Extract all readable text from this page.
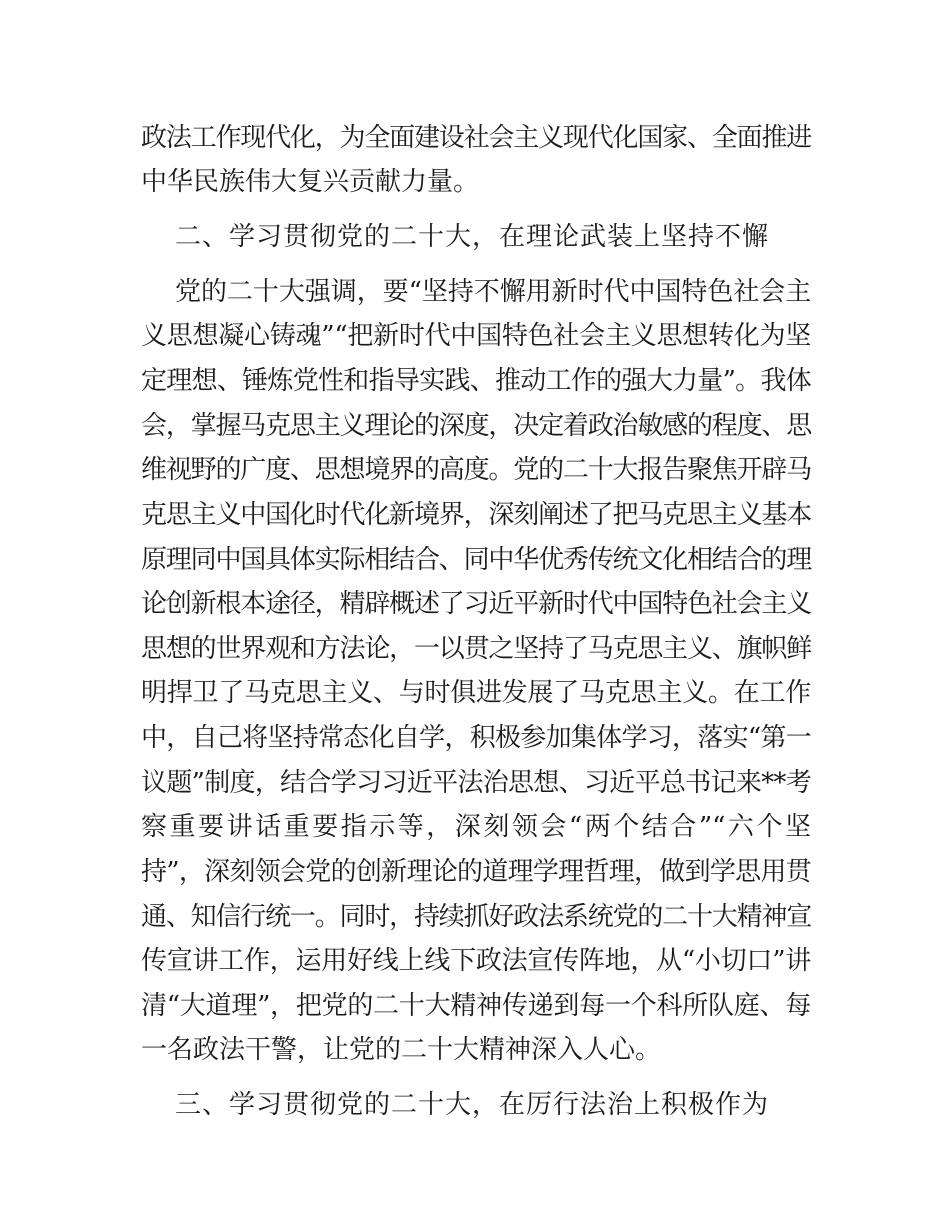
政法工作现代化，为全面建设社会主义现代化国家、全面推进
中华民族伟大复兴贡献力量。
二、学习贯彻党的二十大，在理论武装上坚持不懈
党的二十大强调，要“坚持不懈用新时代中国特色社会主
义思想凝心铸魂”“把新时代中国特色社会主义思想转化为坚
定理想、锤炼党性和指导实践、推动工作的强大力量”。我体
会，掌握马克思主义理论的深度，决定着政治敏感的程度、思
维视野的广度、思想境界的高度。党的二十大报告聚焦开辟马
克思主义中国化时代化新境界，深刻阐述了把马克思主义基本
原理同中国具体实际相结合、同中华优秀传统文化相结合的理
论创新根本途径，精辟概述了习近平新时代中国特色社会主义
思想的世界观和方法论，一以贯之坚持了马克思主义、旗帜鲜
明捍卫了马克思主义、与时俱进发展了马克思主义。在工作
中，自己将坚持常态化自学，积极参加集体学习，落实“第一
议题”制度，结合学习习近平法治思想、习近平总书记来**考
察重要讲话重要指示等，深刻领会“两个结合”“六个坚
持”，深刻领会党的创新理论的道理学理哲理，做到学思用贯
通、知信行统一。同时，持续抓好政法系统党的二十大精神宣
传宣讲工作，运用好线上线下政法宣传阵地，从“小切口”讲
清“大道理”，把党的二十大精神传递到每一个科所队庭、每
一名政法干警，让党的二十大精神深入人心。
三、学习贯彻党的二十大，在厉行法治上积极作为
